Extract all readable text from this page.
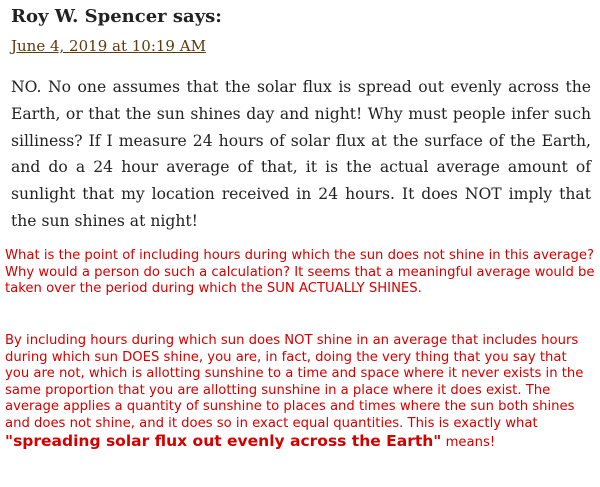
Roy W. Spencer says:
June 4, 2019 at 10:19 AM

NO. No one assumes that the solar flux is spread out evenly across the Earth, or that the sun shines day and night! Why must people infer such silliness? If I measure 24 hours of solar flux at the surface of the Earth, and do a 24 hour average of that, it is the actual average amount of sunlight that my location received in 24 hours. It does NOT imply that the sun shines at night!

What is the point of including hours during which the sun does not shine in this average? Why would a person do such a calculation? It seems that a meaningful average would be taken over the period during which the SUN ACTUALLY SHINES.

By including hours during which sun does NOT shine in an average that includes hours during which sun DOES shine, you are, in fact, doing the very thing that you say that you are not, which is allotting sunshine to a time and space where it never exists in the same proportion that you are allotting sunshine in a place where it does exist. The average applies a quantity of sunshine to places and times where the sun both shines and does not shine, and it does so in exact equal quantities. This is exactly what "spreading solar flux out evenly across the Earth" means!
